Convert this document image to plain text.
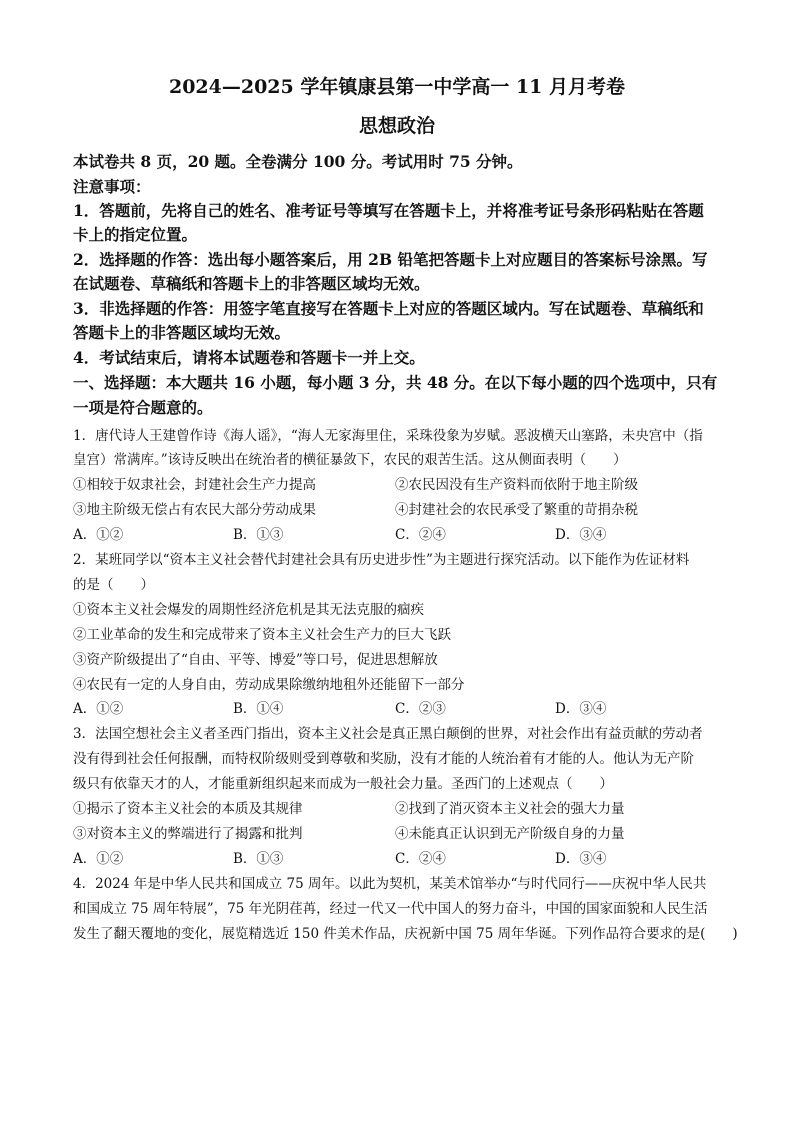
2024—2025 学年镇康县第一中学高一 11 月月考卷
思想政治
本试卷共 8 页，20 题。全卷满分 100 分。考试用时 75 分钟。
注意事项：
1．答题前，先将自己的姓名、准考证号等填写在答题卡上，并将准考证号条形码粘贴在答题
卡上的指定位置。
2．选择题的作答：选出每小题答案后，用 2B 铅笔把答题卡上对应题目的答案标号涂黑。写
在试题卷、草稿纸和答题卡上的非答题区域均无效。
3．非选择题的作答：用签字笔直接写在答题卡上对应的答题区域内。写在试题卷、草稿纸和
答题卡上的非答题区域均无效。
4．考试结束后，请将本试题卷和答题卡一并上交。
一、选择题：本大题共 16 小题，每小题 3 分，共 48 分。在以下每小题的四个选项中，只有
一项是符合题意的。
1．唐代诗人王建曾作诗《海人谣》，“海人无家海里住，采珠役象为岁赋。恶波横天山塞路，未央宫中（指
皇宫）常满库。”该诗反映出在统治者的横征暴敛下，农民的艰苦生活。这从侧面表明（　　）
①相较于奴隶社会，封建社会生产力提高	②农民因没有生产资料而依附于地主阶级
③地主阶级无偿占有农民大部分劳动成果	④封建社会的农民承受了繁重的苛捐杂税
A．①②	B．①③	C．②④	D．③④
2．某班同学以“资本主义社会替代封建社会具有历史进步性”为主题进行探究活动。以下能作为佐证材料
的是（　　）
①资本主义社会爆发的周期性经济危机是其无法克服的痼疾
②工业革命的发生和完成带来了资本主义社会生产力的巨大飞跃
③资产阶级提出了“自由、平等、博爱”等口号，促进思想解放
④农民有一定的人身自由，劳动成果除缴纳地租外还能留下一部分
A．①②	B．①④	C．②③	D．③④
3．法国空想社会主义者圣西门指出，资本主义社会是真正黑白颠倒的世界，对社会作出有益贡献的劳动者
没有得到社会任何报酬，而特权阶级则受到尊敬和奖励，没有才能的人统治着有才能的人。他认为无产阶
级只有依靠天才的人，才能重新组织起来而成为一般社会力量。圣西门的上述观点（　　）
①揭示了资本主义社会的本质及其规律	②找到了消灭资本主义社会的强大力量
③对资本主义的弊端进行了揭露和批判	④未能真正认识到无产阶级自身的力量
A．①②	B．①③	C．②④	D．③④
4．2024 年是中华人民共和国成立 75 周年。以此为契机，某美术馆举办“与时代同行——庆祝中华人民共
和国成立 75 周年特展”，75 年光阴荏苒，经过一代又一代中国人的努力奋斗，中国的国家面貌和人民生活
发生了翻天覆地的变化，展览精选近 150 件美术作品，庆祝新中国 75 周年华诞。下列作品符合要求的是(　　)
